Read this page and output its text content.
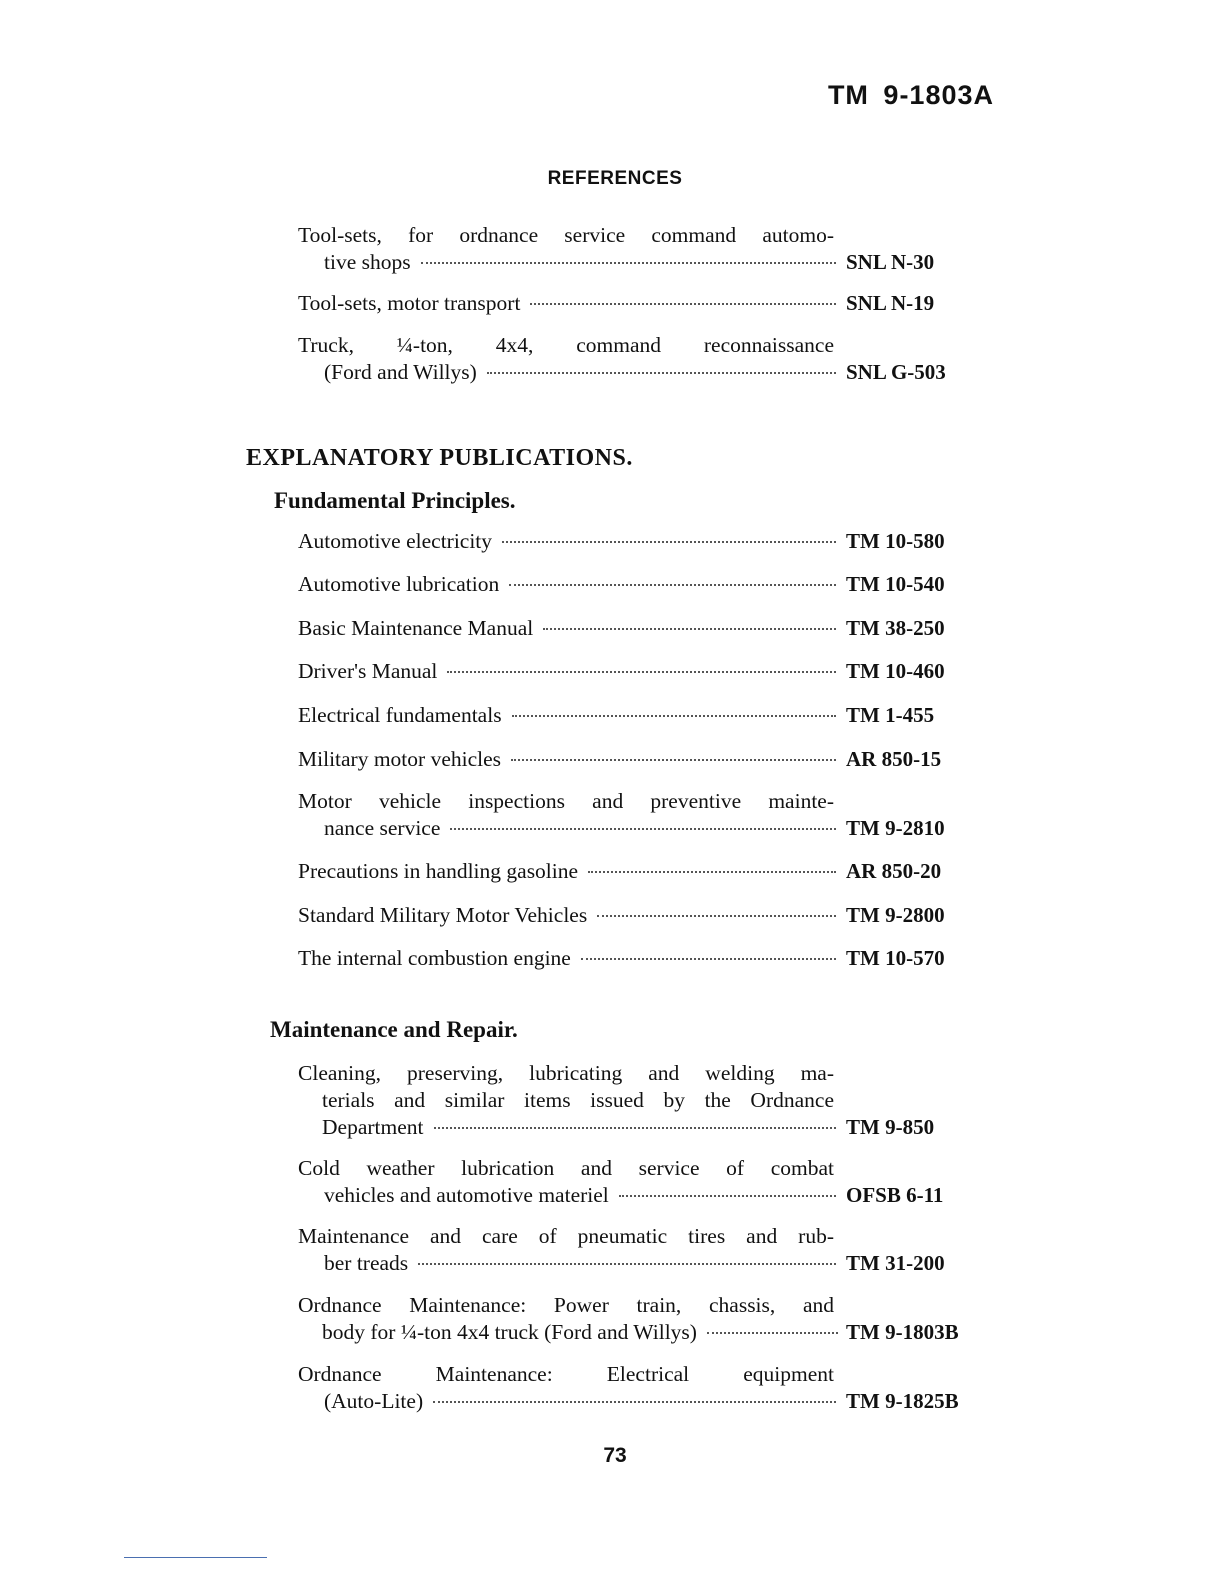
TM 9-1803A
REFERENCES
Tool-sets, for ordnance service command automo-
tive shops	SNL N-30
Tool-sets, motor transport	SNL N-19
Truck, ¼-ton, 4x4, command reconnaissance
(Ford and Willys)	SNL G-503
EXPLANATORY PUBLICATIONS.
Fundamental Principles.
Automotive electricity	TM 10-580
Automotive lubrication	TM 10-540
Basic Maintenance Manual	TM 38-250
Driver's Manual	TM 10-460
Electrical fundamentals	TM 1-455
Military motor vehicles	AR 850-15
Motor vehicle inspections and preventive mainte-
nance service	TM 9-2810
Precautions in handling gasoline	AR 850-20
Standard Military Motor Vehicles	TM 9-2800
The internal combustion engine	TM 10-570
Maintenance and Repair.
Cleaning, preserving, lubricating and welding ma-
terials and similar items issued by the Ordnance
Department	TM 9-850
Cold weather lubrication and service of combat
vehicles and automotive materiel	OFSB 6-11
Maintenance and care of pneumatic tires and rub-
ber treads	TM 31-200
Ordnance Maintenance: Power train, chassis, and
body for ¼-ton 4x4 truck (Ford and Willys)	TM 9-1803B
Ordnance Maintenance: Electrical equipment
(Auto-Lite)	TM 9-1825B
73
